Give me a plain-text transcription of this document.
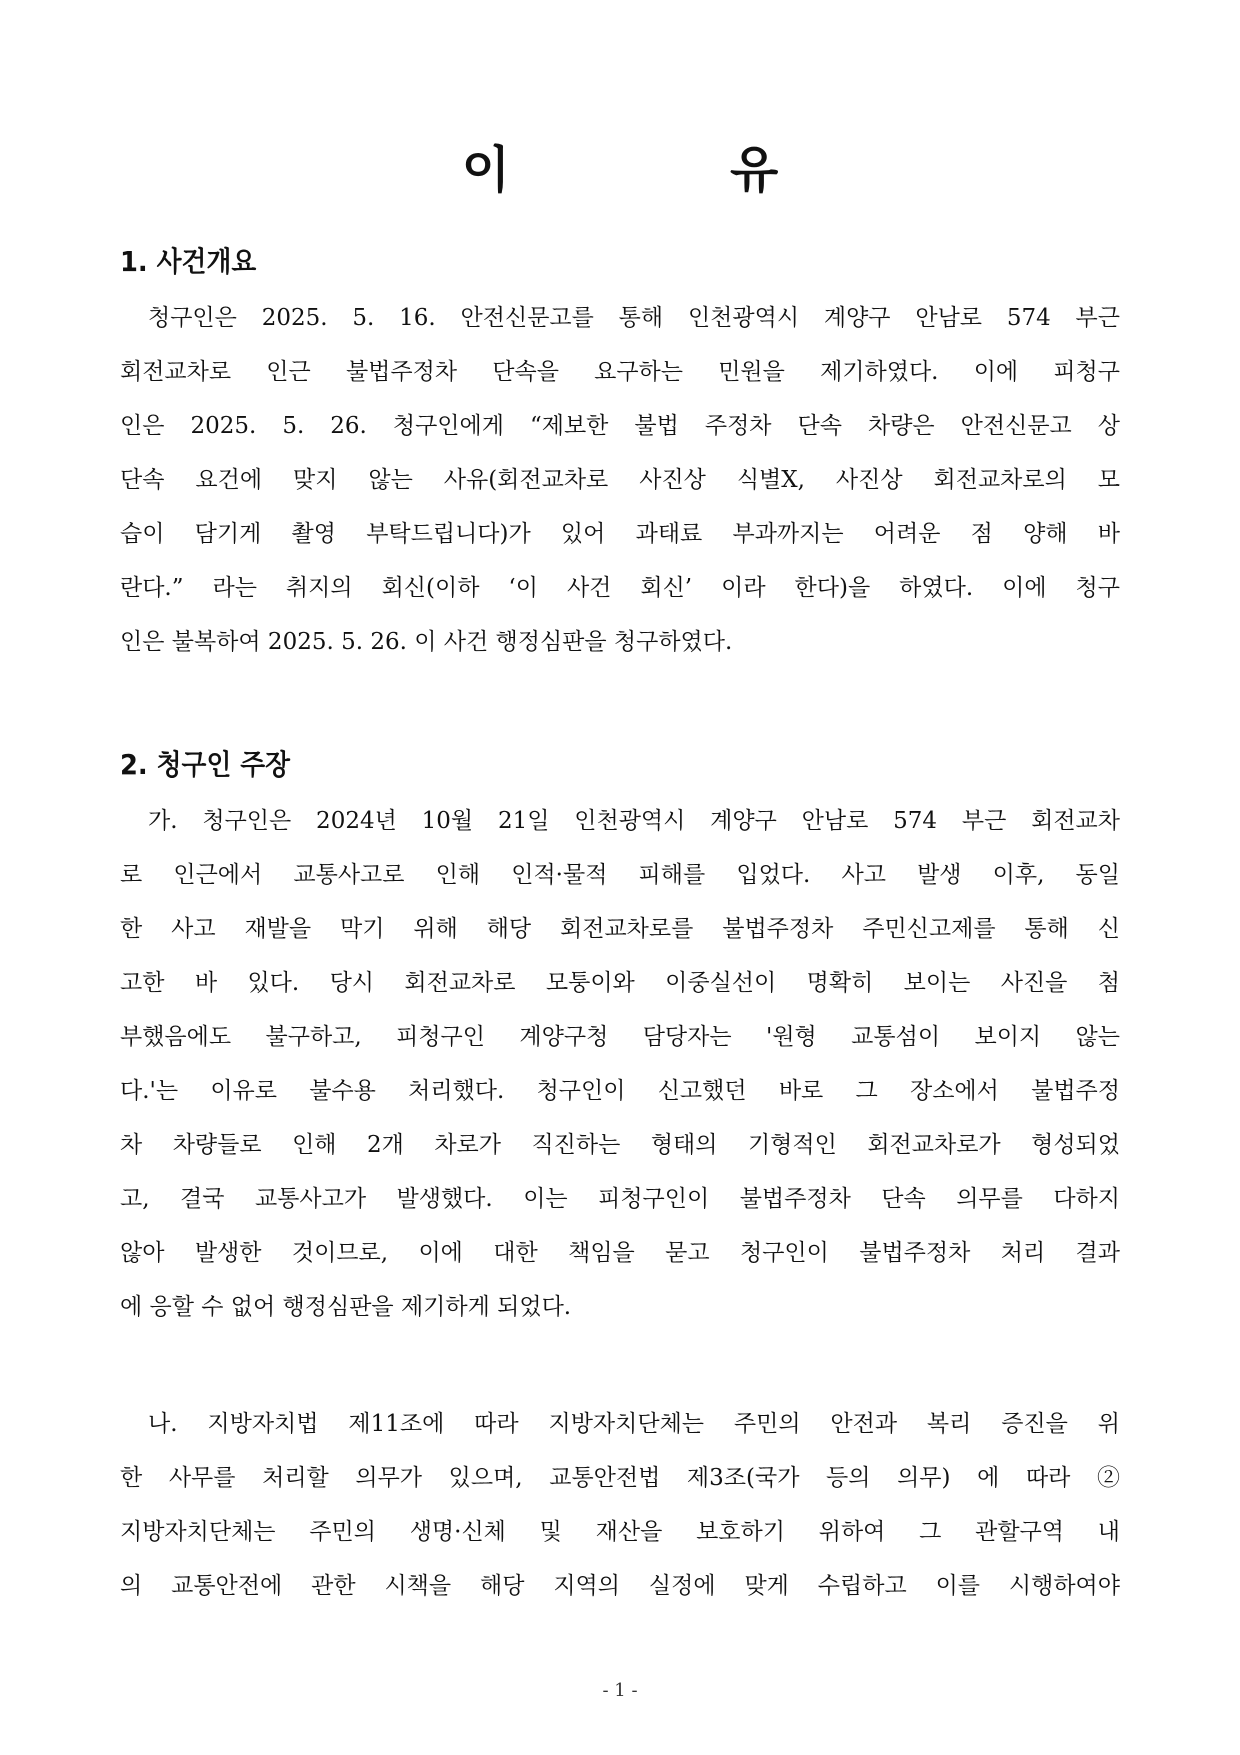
이	유
1. 사건개요
청구인은 2025. 5. 16. 안전신문고를 통해 인천광역시 계양구 안남로 574 부근
회전교차로 인근 불법주정차 단속을 요구하는 민원을 제기하였다. 이에 피청구
인은 2025. 5. 26. 청구인에게 “제보한 불법 주정차 단속 차량은 안전신문고 상
단속 요건에 맞지 않는 사유(회전교차로 사진상 식별X, 사진상 회전교차로의 모
습이 담기게 촬영 부탁드립니다)가 있어 과태료 부과까지는 어려운 점 양해 바
란다.” 라는 취지의 회신(이하 ‘이 사건 회신’ 이라 한다)을 하였다. 이에 청구
인은 불복하여 2025. 5. 26. 이 사건 행정심판을 청구하였다.
2. 청구인 주장
가. 청구인은 2024년 10월 21일 인천광역시 계양구 안남로 574 부근 회전교차
로 인근에서 교통사고로 인해 인적·물적 피해를 입었다. 사고 발생 이후, 동일
한 사고 재발을 막기 위해 해당 회전교차로를 불법주정차 주민신고제를 통해 신
고한 바 있다. 당시 회전교차로 모퉁이와 이중실선이 명확히 보이는 사진을 첨
부했음에도 불구하고, 피청구인 계양구청 담당자는 '원형 교통섬이 보이지 않는
다.'는 이유로 불수용 처리했다. 청구인이 신고했던 바로 그 장소에서 불법주정
차 차량들로 인해 2개 차로가 직진하는 형태의 기형적인 회전교차로가 형성되었
고, 결국 교통사고가 발생했다. 이는 피청구인이 불법주정차 단속 의무를 다하지
않아 발생한 것이므로, 이에 대한 책임을 묻고 청구인이 불법주정차 처리 결과
에 응할 수 없어 행정심판을 제기하게 되었다.
나. 지방자치법 제11조에 따라 지방자치단체는 주민의 안전과 복리 증진을 위
한 사무를 처리할 의무가 있으며, 교통안전법 제3조(국가 등의 의무) 에 따라 ②
지방자치단체는 주민의 생명·신체 및 재산을 보호하기 위하여 그 관할구역 내
의 교통안전에 관한 시책을 해당 지역의 실정에 맞게 수립하고 이를 시행하여야
- 1 -
